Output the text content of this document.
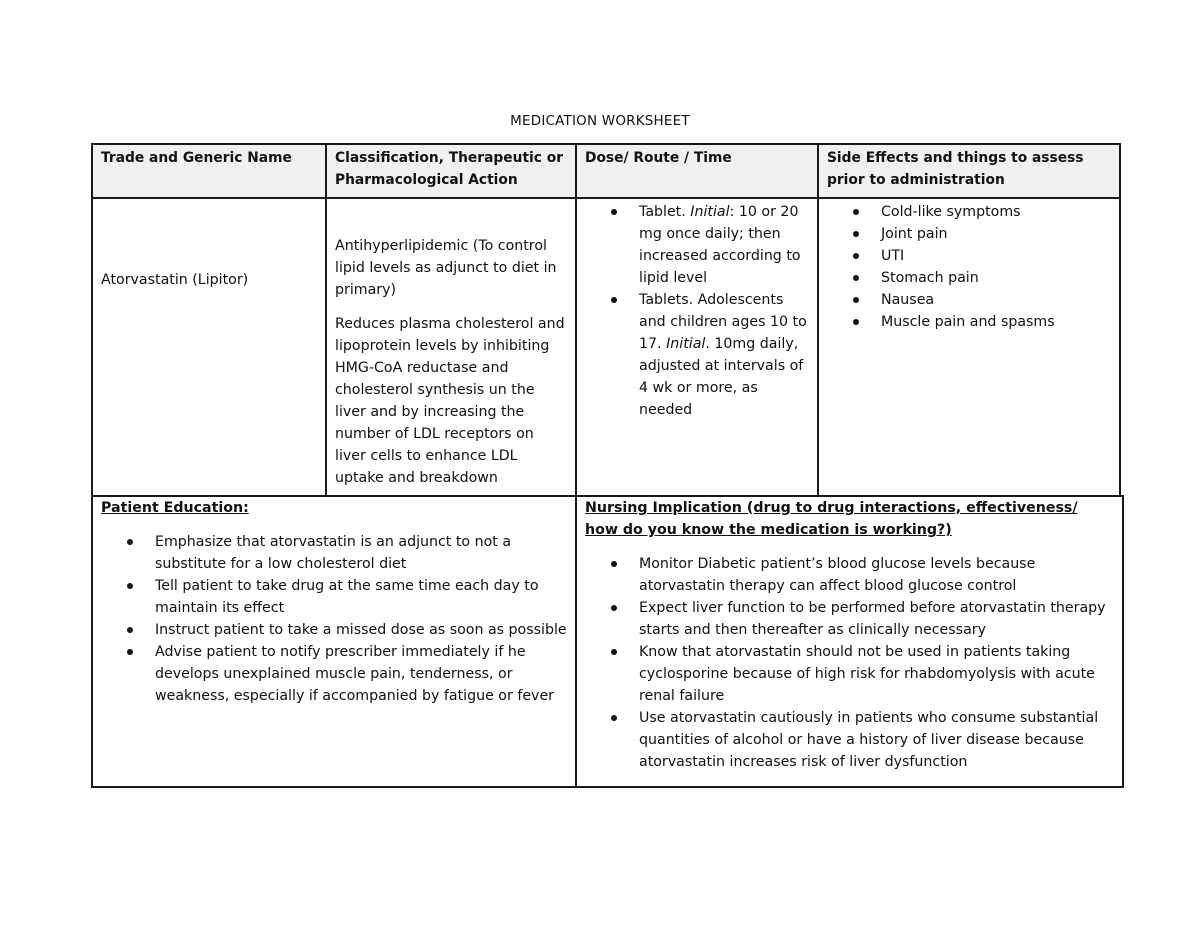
MEDICATION WORKSHEET
Trade and Generic Name	Classification, Therapeutic or Pharmacological Action
Dose/ Route / Time	Side Effects and things to assess prior to administration

Atorvastatin (Lipitor)

Antihyperlipidemic (To control lipid levels as adjunct to diet in primary)

Reduces plasma cholesterol and lipoprotein levels by inhibiting HMG-CoA reductase and cholesterol synthesis un the liver and by increasing the number of LDL receptors on liver cells to enhance LDL uptake and breakdown

Tablet. Initial: 10 or 20 mg once daily; then increased according to lipid level
Tablets. Adolescents and children ages 10 to 17. Initial. 10mg daily, adjusted at intervals of 4 wk or more, as needed
Cold-like symptoms
Joint pain
UTI
Stomach pain
Nausea
Muscle pain and spasms
Patient Education:
Emphasize that atorvastatin is an adjunct to not a substitute for a low cholesterol diet
Tell patient to take drug at the same time each day to maintain its effect
Instruct patient to take a missed dose as soon as possible
Advise patient to notify prescriber immediately if he develops unexplained muscle pain, tenderness, or weakness, especially if accompanied by fatigue or fever
Nursing Implication (drug to drug interactions, effectiveness/ how do you know the medication is working?)
Monitor Diabetic patient’s blood glucose levels because atorvastatin therapy can affect blood glucose control
Expect liver function to be performed before atorvastatin therapy starts and then thereafter as clinically necessary
Know that atorvastatin should not be used in patients taking cyclosporine because of high risk for rhabdomyolysis with acute renal failure
Use atorvastatin cautiously in patients who consume substantial quantities of alcohol or have a history of liver disease because atorvastatin increases risk of liver dysfunction
